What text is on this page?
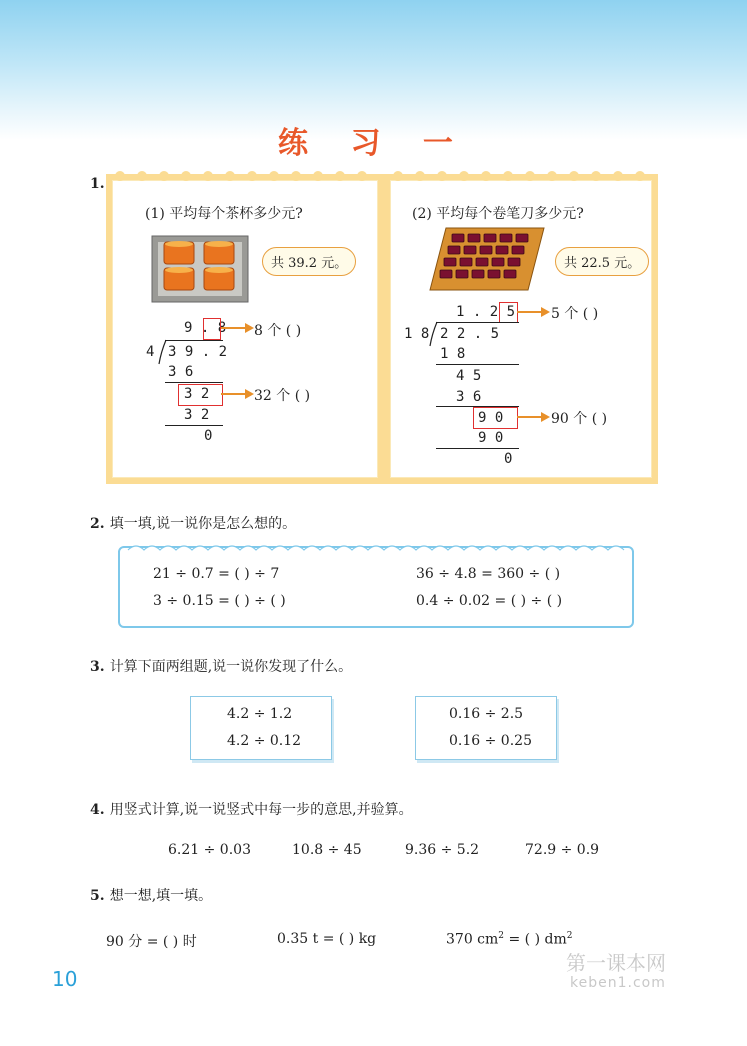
练 习 一
1.
(1) 平均每个茶杯多少元?
共 39.2 元。
9 . 8
4 3 9 . 2
3 6
3 2
3 2
0
8 个 ( )
32 个 ( )
(2) 平均每个卷笔刀多少元?
共 22.5 元。
1 . 2 5
1 8 2 2 . 5
1 8
4 5
3 6
9 0
9 0
0
5 个 ( )
90 个 ( )
2. 填一填,说一说你是怎么想的。
21 ÷ 0.7 = ( ) ÷ 7	36 ÷ 4.8 = 360 ÷ ( )
3 ÷ 0.15 = ( ) ÷ ( )	0.4 ÷ 0.02 = ( ) ÷ ( )
3. 计算下面两组题,说一说你发现了什么。
4.2 ÷ 1.2
4.2 ÷ 0.12
0.16 ÷ 2.5
0.16 ÷ 0.25
4. 用竖式计算,说一说竖式中每一步的意思,并验算。
6.21 ÷ 0.03	10.8 ÷ 45	9.36 ÷ 5.2	72.9 ÷ 0.9
5. 想一想,填一填。
90 分 = ( ) 时	0.35 t = ( ) kg	370 $cm^2$ = ( ) $dm^2$
10
第一课本网
keben1.com
